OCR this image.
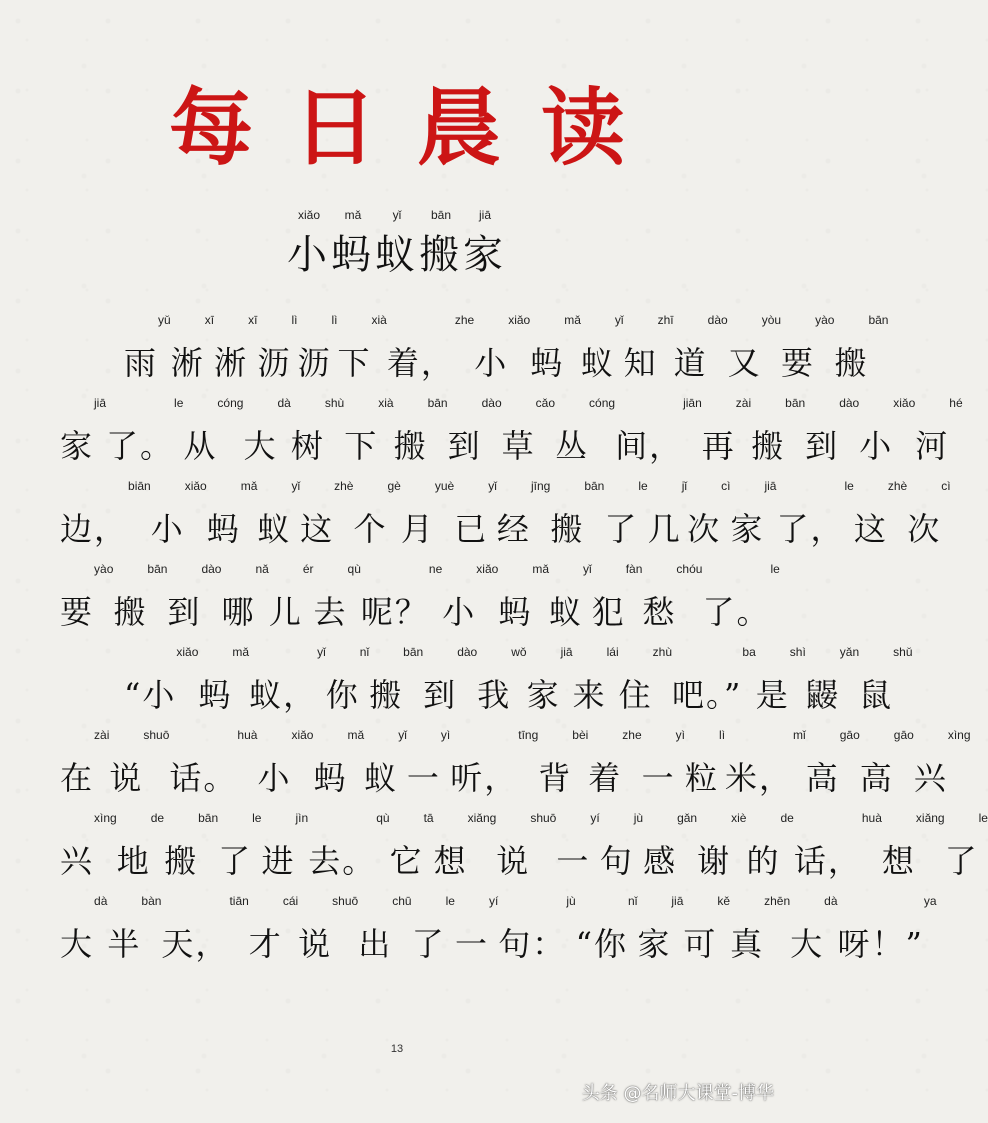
每日晨读
小xiǎo蚂mǎ蚁yǐ搬bān家jiā
雨yǔ
淅xī
淅xī
沥lì
沥lì
下xià
着，zhe
小xiǎo
蚂mǎ
蚁yǐ
知zhī
道dào
又yòu
要yào
搬bān
家jiā
了。le
从cóng
大dà
树shù
下xià
搬bān
到dào
草cǎo
丛cóng
间，jiān
再zài
搬bān
到dào
小xiǎo
河hé
边，biān
小xiǎo
蚂mǎ
蚁yǐ
这zhè
个gè
月yuè
已yǐ
经jīng
搬bān
了le
几jǐ
次cì
家jiā
了，le
这zhè
次cì
要yào
搬bān
到dào
哪nǎ
儿ér
去qù
呢？ne
小xiǎo
蚂mǎ
蚁yǐ
犯fàn
愁chóu
了。le
“小xiǎo
蚂mǎ
蚁，yǐ
你nǐ
搬bān
到dào
我wǒ
家jiā
来lái
住zhù
吧。”ba
是shì
鼹yǎn
鼠shǔ
在zài
说shuō
话。huà
小xiǎo
蚂mǎ
蚁yǐ
一yì
听，tīng
背bèi
着zhe
一yì
粒lì
米，mǐ
高gāo
高gāo
兴xìng
兴xìng
地de
搬bān
了le
进jìn
去。qù
它tā
想xiǎng
说shuō
一yí
句jù
感gǎn
谢xiè
的de
话，huà
想xiǎng
了le
大dà
半bàn
天，tiān
才cái
说shuō
出chū
了le
一yí
句：jù
“你nǐ
家jiā
可kě
真zhēn
大dà
呀！”ya
13
头条 @名师大课堂-博华
